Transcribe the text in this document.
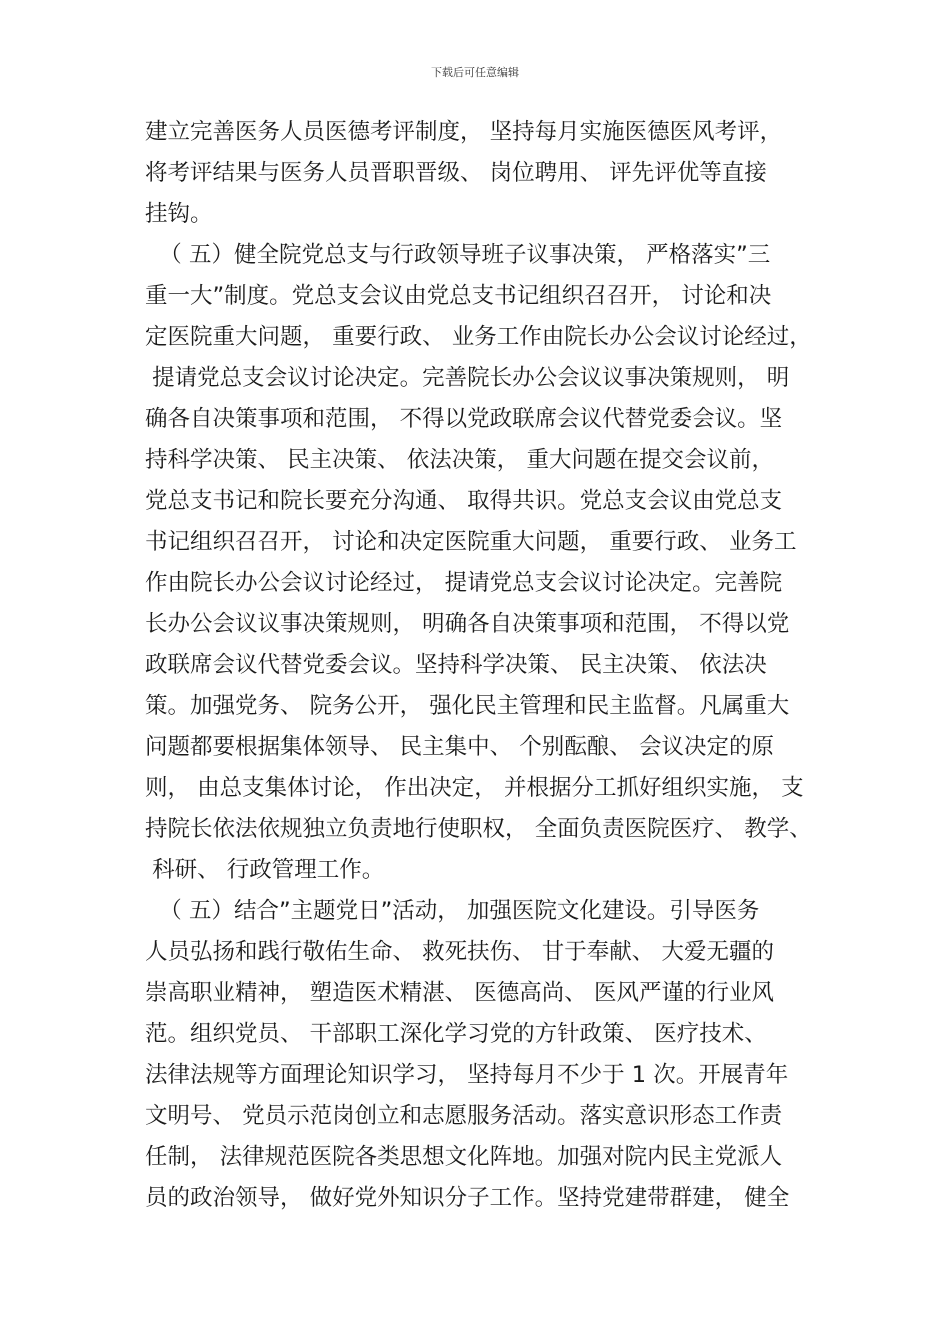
下载后可任意编辑
建立完善医务人员医德考评制度， 坚持每月实施医德医风考评，
将考评结果与医务人员晋职晋级、 岗位聘用、 评先评优等直接
挂钩。
（ 五）健全院党总支与行政领导班子议事决策， 严格落实”三
重一大”制度。党总支会议由党总支书记组织召召开， 讨论和决
定医院重大问题， 重要行政、 业务工作由院长办公会议讨论经过，
提请党总支会议讨论决定。完善院长办公会议议事决策规则， 明
确各自决策事项和范围， 不得以党政联席会议代替党委会议。坚
持科学决策、 民主决策、 依法决策， 重大问题在提交会议前，
党总支书记和院长要充分沟通、 取得共识。党总支会议由党总支
书记组织召召开， 讨论和决定医院重大问题， 重要行政、 业务工
作由院长办公会议讨论经过， 提请党总支会议讨论决定。完善院
长办公会议议事决策规则， 明确各自决策事项和范围， 不得以党
政联席会议代替党委会议。坚持科学决策、 民主决策、 依法决
策。加强党务、 院务公开， 强化民主管理和民主监督。凡属重大
问题都要根据集体领导、 民主集中、 个别酝酿、 会议决定的原
则， 由总支集体讨论， 作出决定， 并根据分工抓好组织实施， 支
持院长依法依规独立负责地行使职权， 全面负责医院医疗、 教学、
科研、 行政管理工作。
（ 五）结合”主题党日”活动， 加强医院文化建设。引导医务
人员弘扬和践行敬佑生命、 救死扶伤、 甘于奉献、 大爱无疆的
崇高职业精神， 塑造医术精湛、 医德高尚、 医风严谨的行业风
范。组织党员、 干部职工深化学习党的方针政策、 医疗技术、
法律法规等方面理论知识学习， 坚持每月不少于 1 次。开展青年
文明号、 党员示范岗创立和志愿服务活动。落实意识形态工作责
任制， 法律规范医院各类思想文化阵地。加强对院内民主党派人
员的政治领导， 做好党外知识分子工作。坚持党建带群建， 健全
